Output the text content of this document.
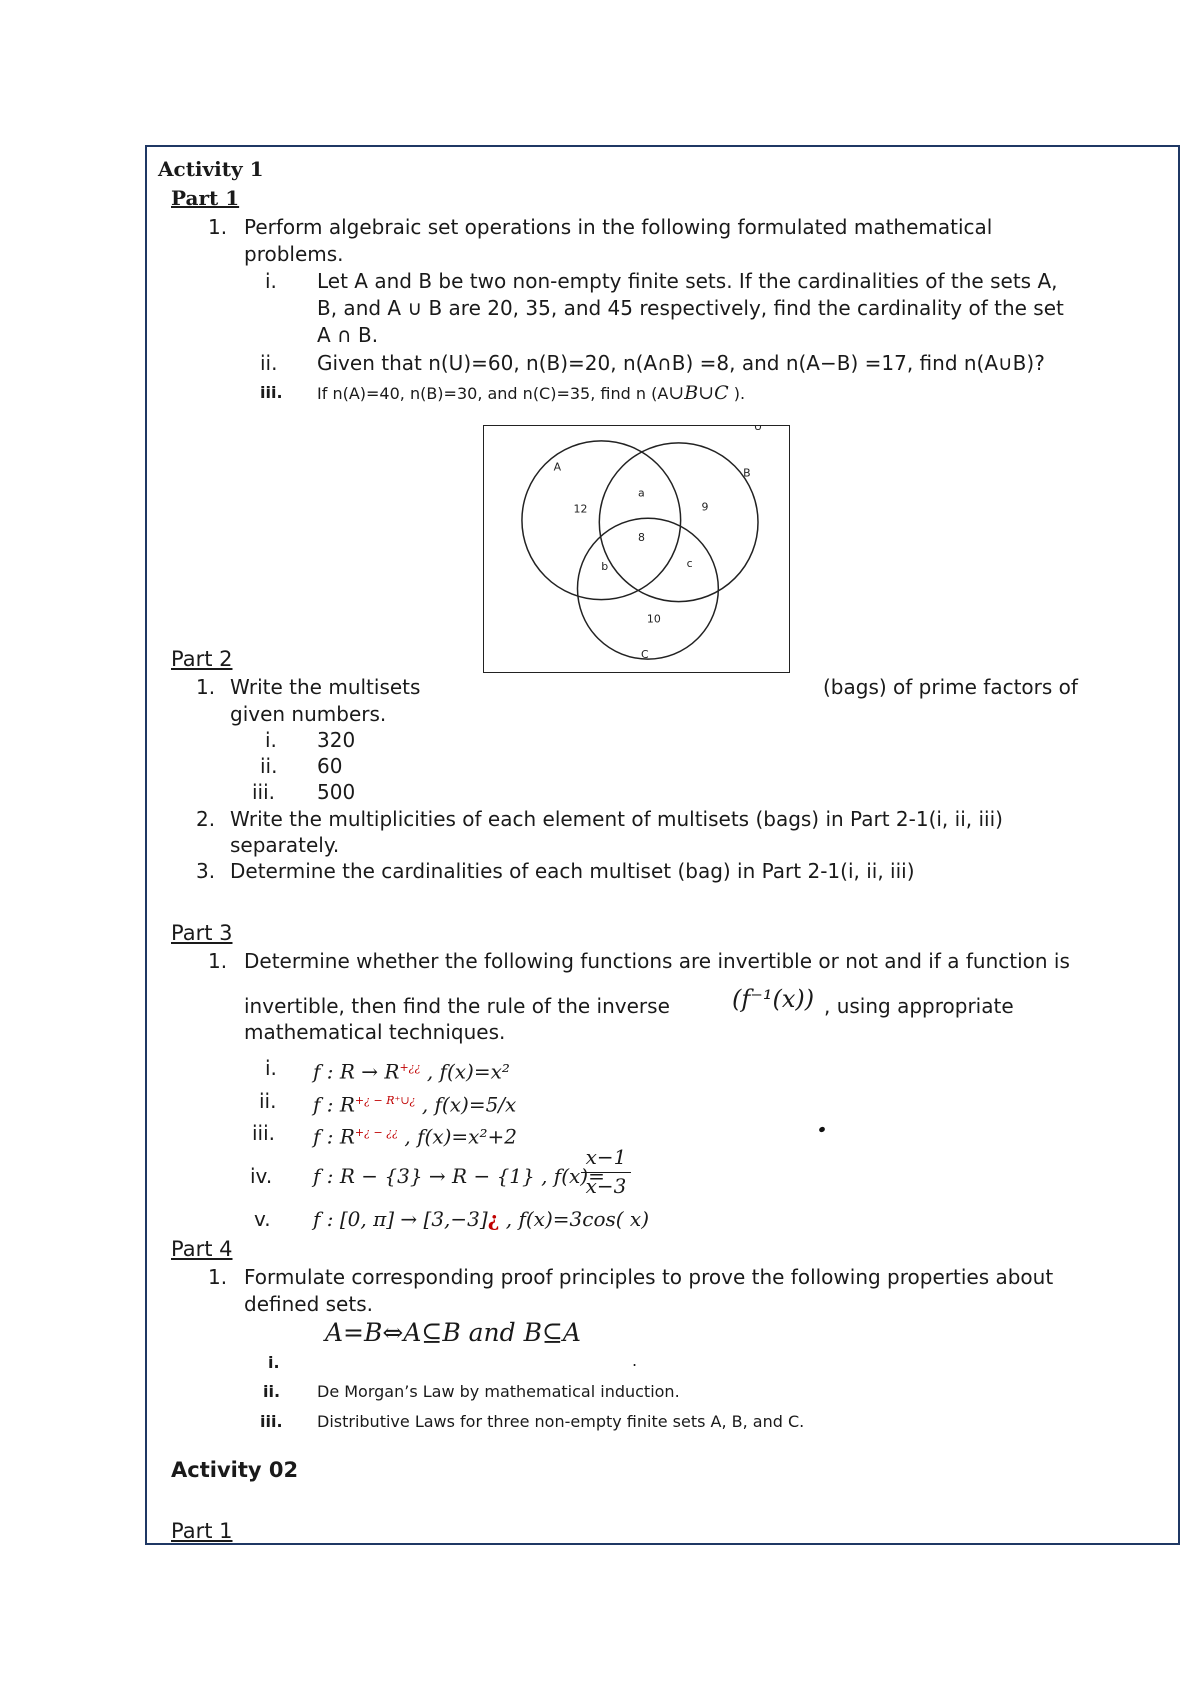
Activity 1
Part 1
1. Perform algebraic set operations in the following formulated mathematical
problems.
i. Let A and B be two non-empty finite sets. If the cardinalities of the sets A,
B, and A ∪ B are 20, 35, and 45 respectively, find the cardinality of the set
A ∩ B.
ii. Given that n(U)=60, n(B)=20, n(A∩B) =8, and n(A−B) =17, find n(A∪B)?
iii. If n(A)=40, n(B)=30, and n(C)=35, find n (A∪B∪C ).
U
A	B
C
12
a
9
8
b	c
10
Part 2
1. Write the multisets	(bags) of prime factors of
given numbers.
i. 320
ii. 60
iii. 500
2. Write the multiplicities of each element of multisets (bags) in Part 2-1(i, ii, iii)
separately.
3. Determine the cardinalities of each multiset (bag) in Part 2-1(i, ii, iii)
Part 3
1. Determine whether the following functions are invertible or not and if a function is
invertible, then find the rule of the inverse	(f⁻¹(x)) , using appropriate
mathematical techniques.
i. f : R → R+¿¿ , f(x)=x²
ii. f : $R^{+¿ - R^+\cup¿}$ , f(x)=5/x
iii. f : R+¿ − ¿¿ , f(x)=x²+2
iv. f : R − {3} → R − {1} , f(x)=
x−1
x−3
v. f : [0, π] → [3,−3]¿ , f(x)=3cos( x)
Part 4
1. Formulate corresponding proof principles to prove the following properties about
defined sets.
A=B⇔A⊆B and B⊆A
i.	.
ii. De Morgan’s Law by mathematical induction.
iii. Distributive Laws for three non-empty finite sets A, B, and C.
Activity 02
Part 1
